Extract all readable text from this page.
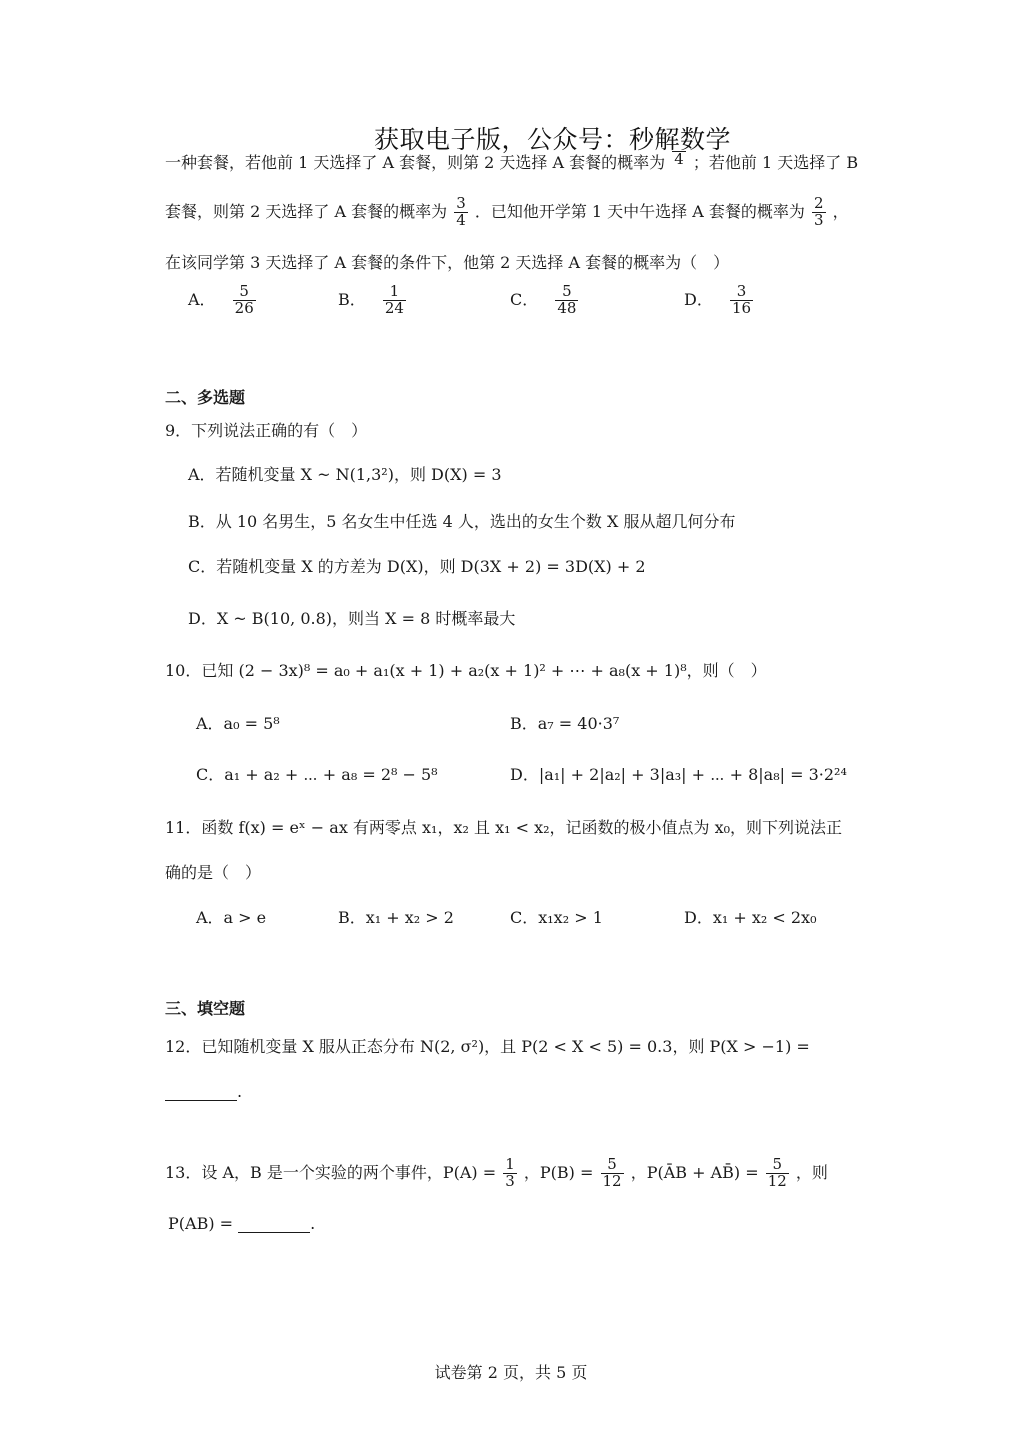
获取电子版，公众号：秒解数学
一种套餐，若他前 1 天选择了 A 套餐，则第 2 天选择 A 套餐的概率为 4 ；若他前 1 天选择了 B
套餐，则第 2 天选择了 A 套餐的概率为 $\frac{3}{4}$ ．已知他开学第 1 天中午选择 A 套餐的概率为 $\frac{2}{3}$ ，
在该同学第 3 天选择了 A 套餐的条件下，他第 2 天选择 A 套餐的概率为（　）
A． $\frac{5}{26}$	B． $\frac{1}{24}$	C． $\frac{5}{48}$	D． $\frac{3}{16}$
二、多选题
9．下列说法正确的有（　）
A．若随机变量 X ~ N(1,3²)，则 D(X) = 3
B．从 10 名男生，5 名女生中任选 4 人，选出的女生个数 X 服从超几何分布
C．若随机变量 X 的方差为 D(X)，则 D(3X + 2) = 3D(X) + 2
D．X ~ B(10, 0.8)，则当 X = 8 时概率最大
10．已知 (2 − 3x)⁸ = a₀ + a₁(x + 1) + a₂(x + 1)² + ⋯ + a₈(x + 1)⁸，则（　）
A．a₀ = 5⁸	B．a₇ = 40·3⁷
C．a₁ + a₂ + ⋯ + a₈ = 2⁸ − 5⁸	D．|a₁| + 2|a₂| + 3|a₃| + ⋯ + 8|a₈| = 3·2²⁴
11．函数 f(x) = eˣ − ax 有两零点 x₁，x₂ 且 x₁ < x₂，记函数的极小值点为 x₀，则下列说法正
确的是（　）
A．a > e	B．x₁ + x₂ > 2	C．x₁x₂ > 1	D．x₁ + x₂ < 2x₀
三、填空题
12．已知随机变量 X 服从正态分布 N(2, σ²)，且 P(2 < X < 5) = 0.3，则 P(X > −1) =
.
13．设 A，B 是一个实验的两个事件，$P(A) = \frac{1}{3}$ ，$P(B) = \frac{5}{12}$ ，P(ĀB + AB̄) = $\frac{5}{12}$ ，则
P(AB) =	.
试卷第 2 页，共 5 页
